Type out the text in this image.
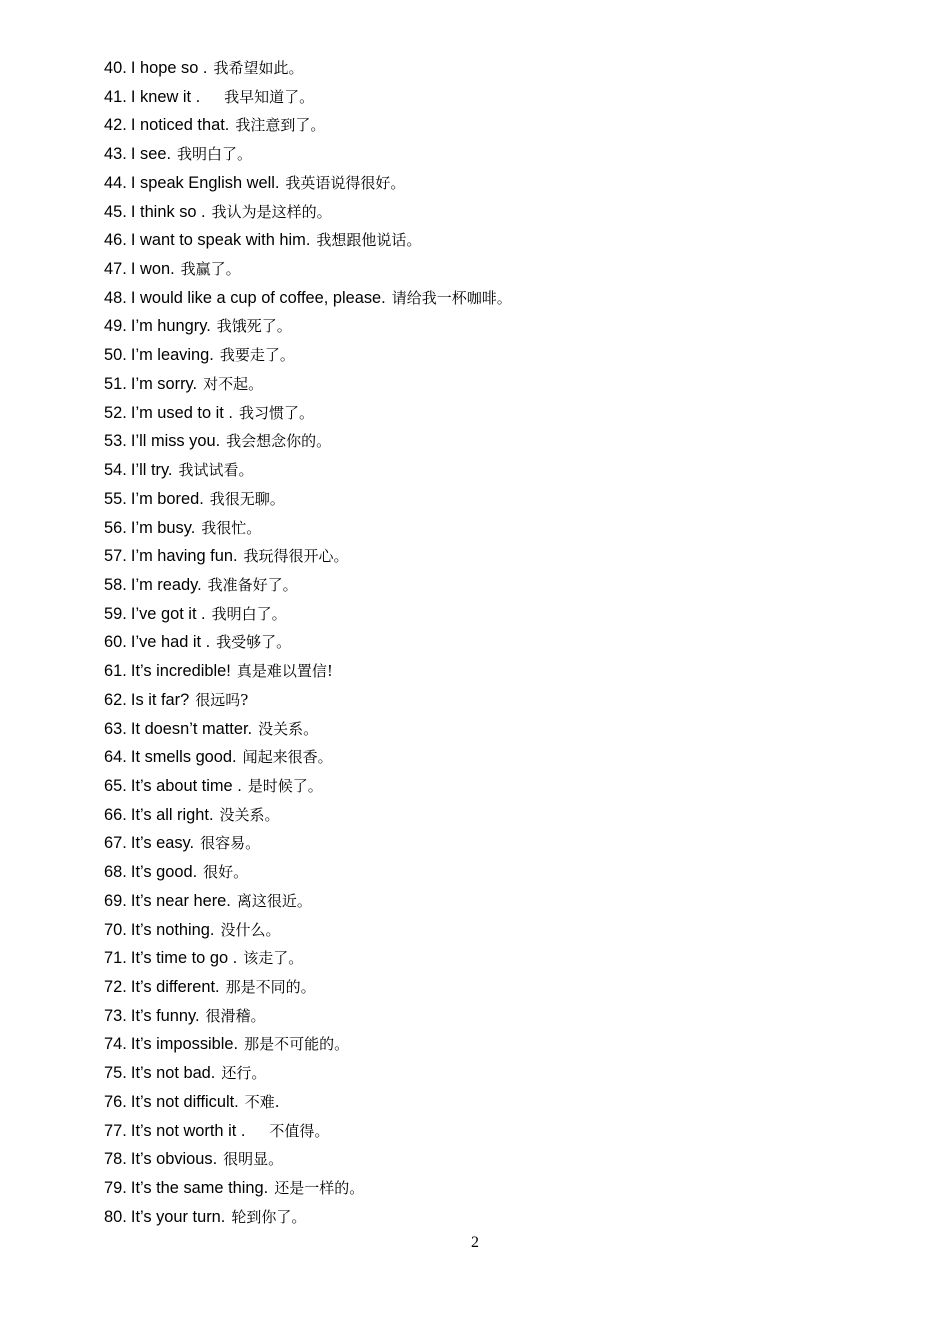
40. I hope so . 我希望如此。
41. I knew it . 我早知道了。
42. I noticed that. 我注意到了。
43. I see. 我明白了。
44. I speak English well. 我英语说得很好。
45. I think so . 我认为是这样的。
46. I want to speak with him. 我想跟他说话。
47. I won. 我赢了。
48. I would like a cup of coffee, please. 请给我一杯咖啡。
49. I’m hungry. 我饿死了。
50. I’m leaving. 我要走了。
51. I’m sorry. 对不起。
52. I’m used to it . 我习惯了。
53. I’ll miss you. 我会想念你的。
54. I’ll try. 我试试看。
55. I’m bored. 我很无聊。
56. I’m busy. 我很忙。
57. I’m having fun. 我玩得很开心。
58. I’m ready. 我准备好了。
59. I’ve got it . 我明白了。
60. I’ve had it . 我受够了。
61. It’s incredible! 真是难以置信!
62. Is it far? 很远吗?
63. It doesn’t matter. 没关系。
64. It smells good. 闻起来很香。
65. It’s about time . 是时候了。
66. It’s all right. 没关系。
67. It’s easy. 很容易。
68. It’s good. 很好。
69. It’s near here. 离这很近。
70. It’s nothing. 没什么。
71. It’s time to go . 该走了。
72. It’s different. 那是不同的。
73. It’s funny. 很滑稽。
74. It’s impossible. 那是不可能的。
75. It’s not bad. 还行。
76. It’s not difficult. 不难.
77. It’s not worth it . 不值得。
78. It’s obvious. 很明显。
79. It’s the same thing. 还是一样的。
80. It’s your turn. 轮到你了。
2
